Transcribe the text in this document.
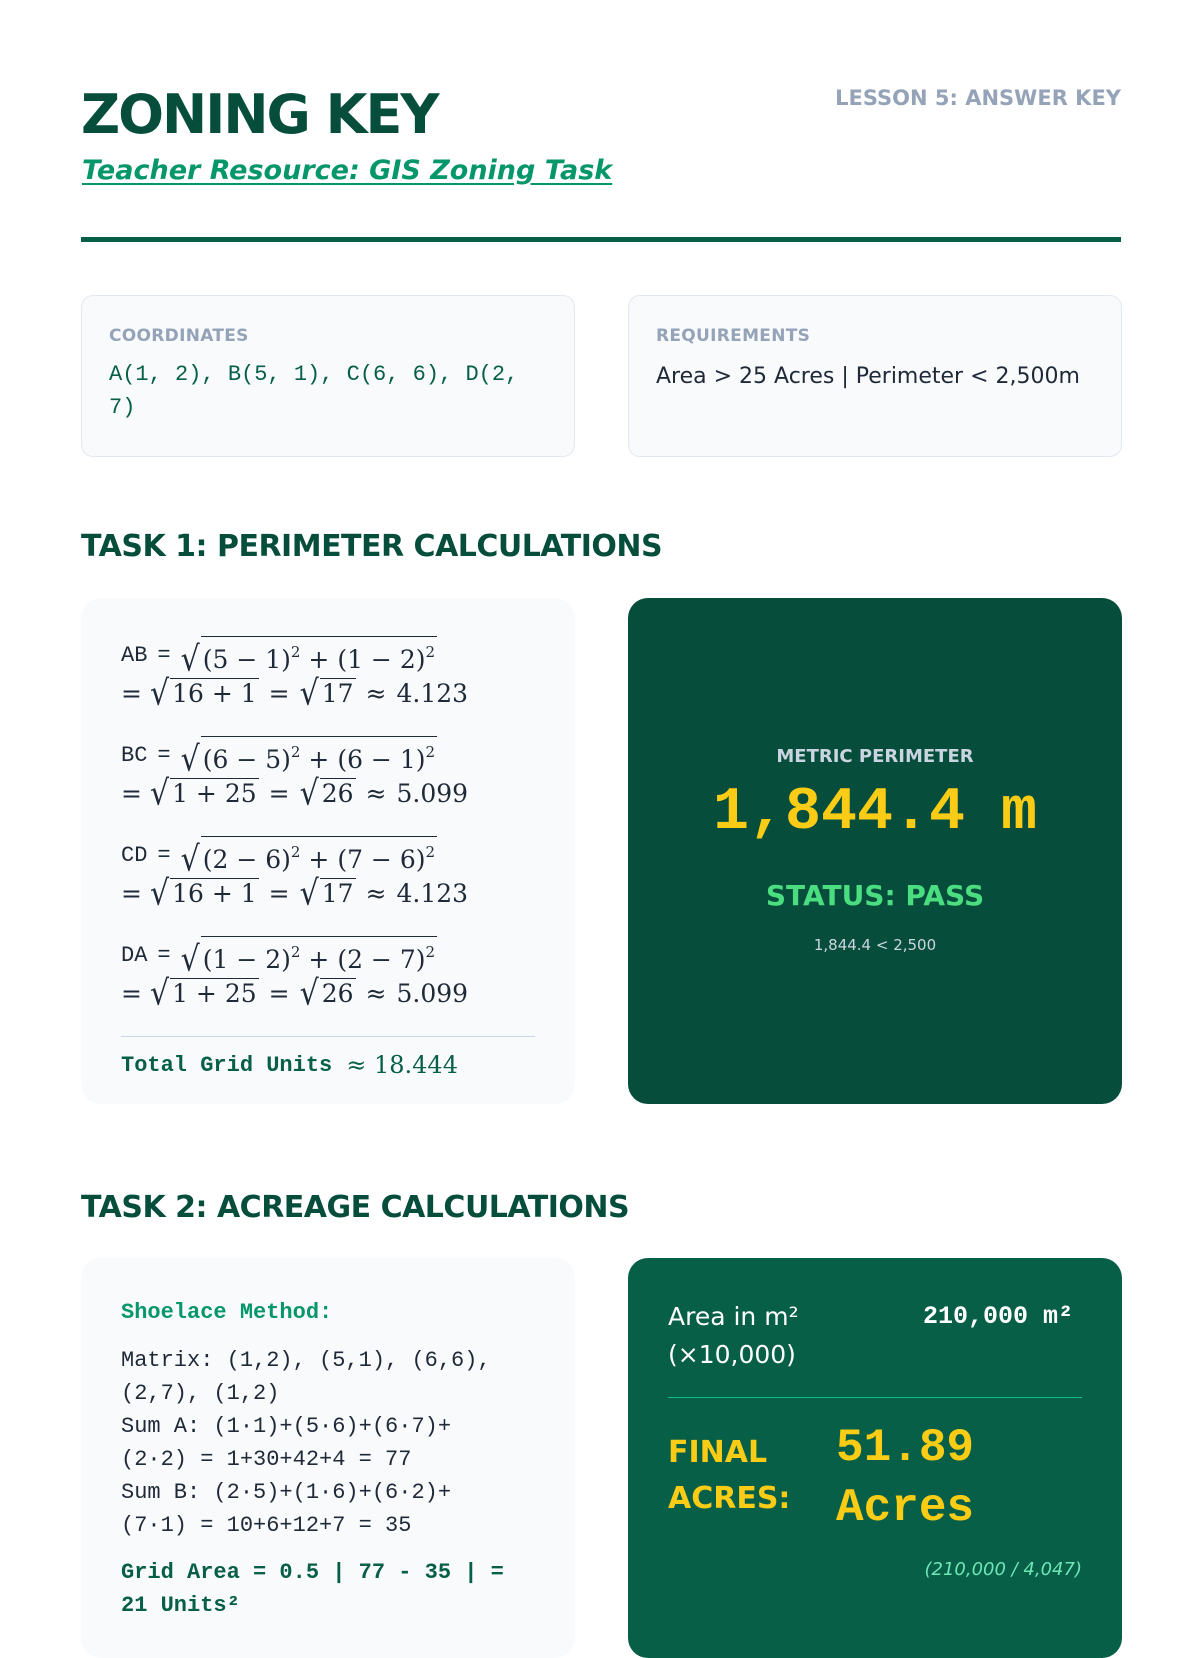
ZONING KEY
Teacher Resource: GIS Zoning Task
LESSON 5: ANSWER KEY
COORDINATES
A(1, 2), B(5, 1), C(6, 6), D(2, 7)
REQUIREMENTS
Area > 25 Acres | Perimeter < 2,500m
TASK 1: PERIMETER CALCULATIONS
AB = √ $(5 - 1)^2 + (1 - 2)^2$
= √ 16 + 1 = √ 17 ≈ 4.123
BC = √ $(6 - 5)^2 + (6 - 1)^2$
= √ 1 + 25 = √ 26 ≈ 5.099
CD = √ $(2 - 6)^2 + (7 - 6)^2$
= √ 16 + 1 = √ 17 ≈ 4.123
DA = √ $(1 - 2)^2 + (2 - 7)^2$
= √ 1 + 25 = √ 26 ≈ 5.099
Total Grid Units ≈ 18.444
METRIC PERIMETER
1,844.4 m
STATUS: PASS
1,844.4 < 2,500
TASK 2: ACREAGE CALCULATIONS
Shoelace Method:
Matrix: (1,2), (5,1), (6,6),
(2,7), (1,2)
Sum A: (1·1)+(5·6)+(6·7)+
(2·2) = 1+30+42+4 = 77
Sum B: (2·5)+(1·6)+(6·2)+
(7·1) = 10+6+12+7 = 35
Grid Area = 0.5 | 77 - 35 | = 21 Units²
Area in m² (×10,000)
210,000 m²
FINAL ACRES:
51.89 Acres
(210,000 / 4,047)
